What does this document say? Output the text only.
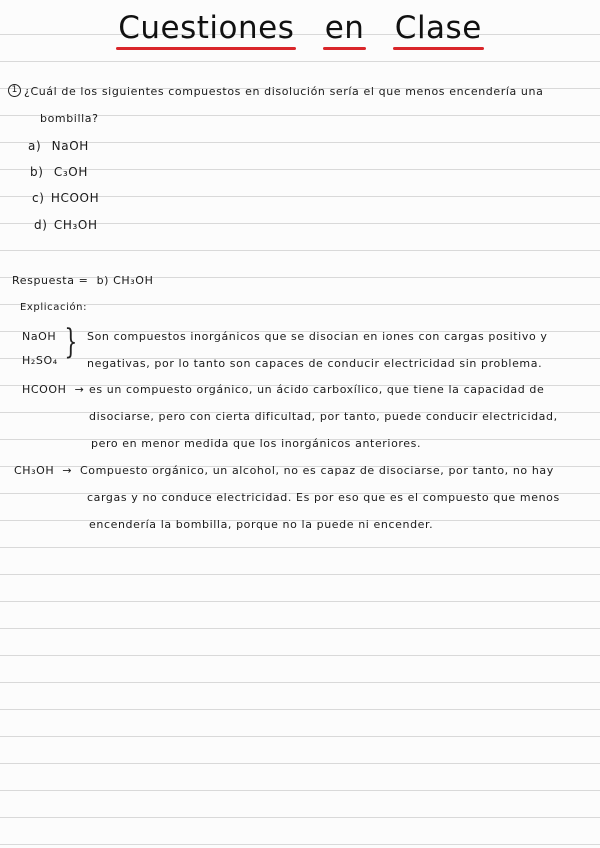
Cuestiones en Clase
1 ¿Cuál de los siguientes compuestos en disolución sería el que menos encendería una
bombilla?
a) NaOH
b) C₃OH
c) HCOOH
d) CH₃OH
Respuesta = b) CH₃OH
Explicación:
NaOH
H₂SO₄ } Son compuestos inorgánicos que se disocian en iones con cargas positivo y
negativas, por lo tanto son capaces de conducir electricidad sin problema.
HCOOH → es un compuesto orgánico, un ácido carboxílico, que tiene la capacidad de
disociarse, pero con cierta dificultad, por tanto, puede conducir electricidad,
pero en menor medida que los inorgánicos anteriores.
CH₃OH → Compuesto orgánico, un alcohol, no es capaz de disociarse, por tanto, no hay
cargas y no conduce electricidad. Es por eso que es el compuesto que menos
encendería la bombilla, porque no la puede ni encender.
